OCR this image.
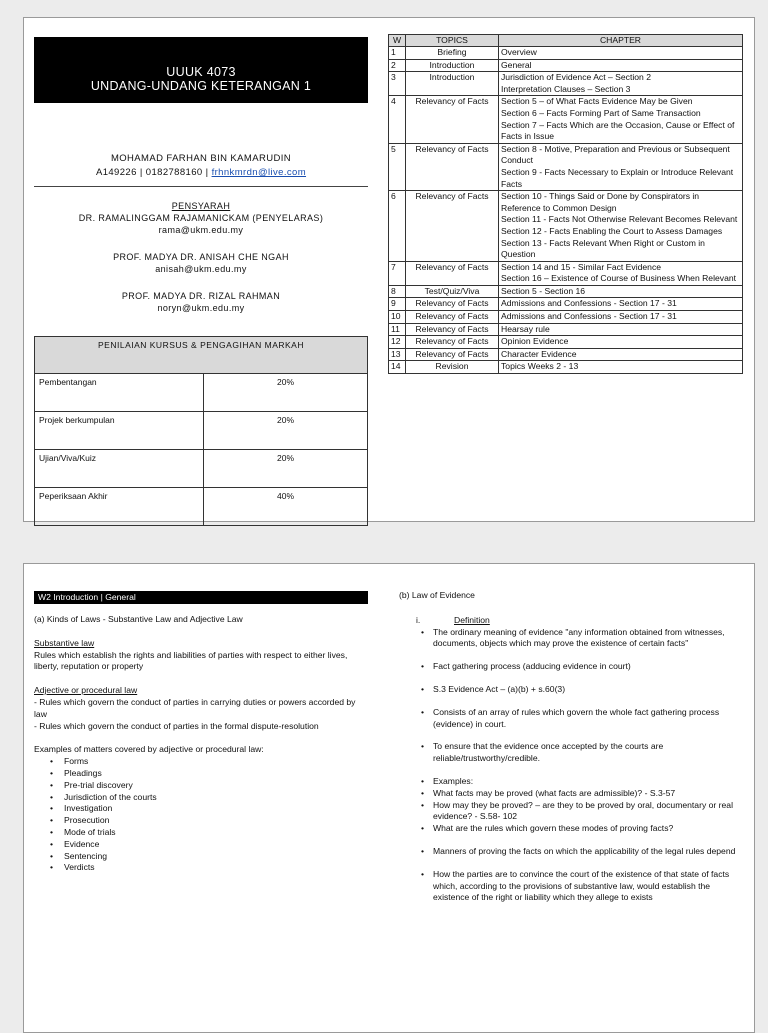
UUUK 4073
UNDANG-UNDANG KETERANGAN 1
MOHAMAD FARHAN BIN KAMARUDIN
A149226 | 0182788160 | frhnkmrdn@live.com
PENSYARAH
DR. RAMALINGGAM RAJAMANICKAM (PENYELARAS)
rama@ukm.edu.my
PROF. MADYA DR. ANISAH CHE NGAH
anisah@ukm.edu.my
PROF. MADYA DR. RIZAL RAHMAN
noryn@ukm.edu.my
PENILAIAN KURSUS & PENGAGIHAN MARKAH	
Pembentangan	20%
Projek berkumpulan	20%
Ujian/Viva/Kuiz	20%
Peperiksaan Akhir	40%
W	TOPICS	CHAPTER
1	Briefing	Overview

2	Introduction	General

3	Introduction	Jurisdiction of Evidence Act – Section 2
Interpretation Clauses – Section 3

4	Relevancy of Facts	Section 5 – of What Facts Evidence May be Given
Section 6 – Facts Forming Part of Same Transaction
Section 7 – Facts Which are the Occasion, Cause or Effect of Facts in Issue

5	Relevancy of Facts	Section 8 - Motive, Preparation and Previous or Subsequent Conduct
Section 9 - Facts Necessary to Explain or Introduce Relevant Facts

6	Relevancy of Facts	Section 10 - Things Said or Done by Conspirators in Reference to Common Design
Section 11 - Facts Not Otherwise Relevant Becomes Relevant
Section 12 - Facts Enabling the Court to Assess Damages
Section 13 - Facts Relevant When Right or Custom in Question

7	Relevancy of Facts	Section 14 and 15 - Similar Fact Evidence
Section 16 – Existence of Course of Business When Relevant

8	Test/Quiz/Viva	Section 5 - Section 16

9	Relevancy of Facts	Admissions and Confessions - Section 17 - 31

10	Relevancy of Facts	Admissions and Confessions - Section 17 - 31

11	Relevancy of Facts	Hearsay rule

12	Relevancy of Facts	Opinion Evidence

13	Relevancy of Facts	Character Evidence

14	Revision	Topics Weeks 2 - 13
W2 Introduction | General

(a) Kinds of Laws - Substantive Law and Adjective Law

Substantive law

Rules which establish the rights and liabilities of parties with respect to either lives, liberty, reputation or property

Adjective or procedural law

- Rules which govern the conduct of parties in carrying duties or powers accorded by law

- Rules which govern the conduct of parties in the formal dispute-resolution

Examples of matters covered by adjective or procedural law:

• Forms
• Pleadings
• Pre-trial discovery
• Jurisdiction of the courts
• Investigation
• Prosecution
• Mode of trials
• Evidence
• Sentencing
• Verdicts
(b) Law of Evidence
i.	Definition
• The ordinary meaning of evidence "any information obtained from witnesses, documents, objects which may prove the existence of certain facts"
• Fact gathering process (adducing evidence in court)
• S.3 Evidence Act – (a)(b) + s.60(3)
• Consists of an array of rules which govern the whole fact gathering process (evidence) in court.
• To ensure that the evidence once accepted by the courts are reliable/trustworthy/credible.
• Examples:
• What facts may be proved (what facts are admissible)? - S.3-57
• How may they be proved? – are they to be proved by oral, documentary or real evidence? - S.58- 102
• What are the rules which govern these modes of proving facts?
• Manners of proving the facts on which the applicability of the legal rules depend
• How the parties are to convince the court of the existence of that state of facts which, according to the provisions of substantive law, would establish the existence of the right or liability which they allege to exists
